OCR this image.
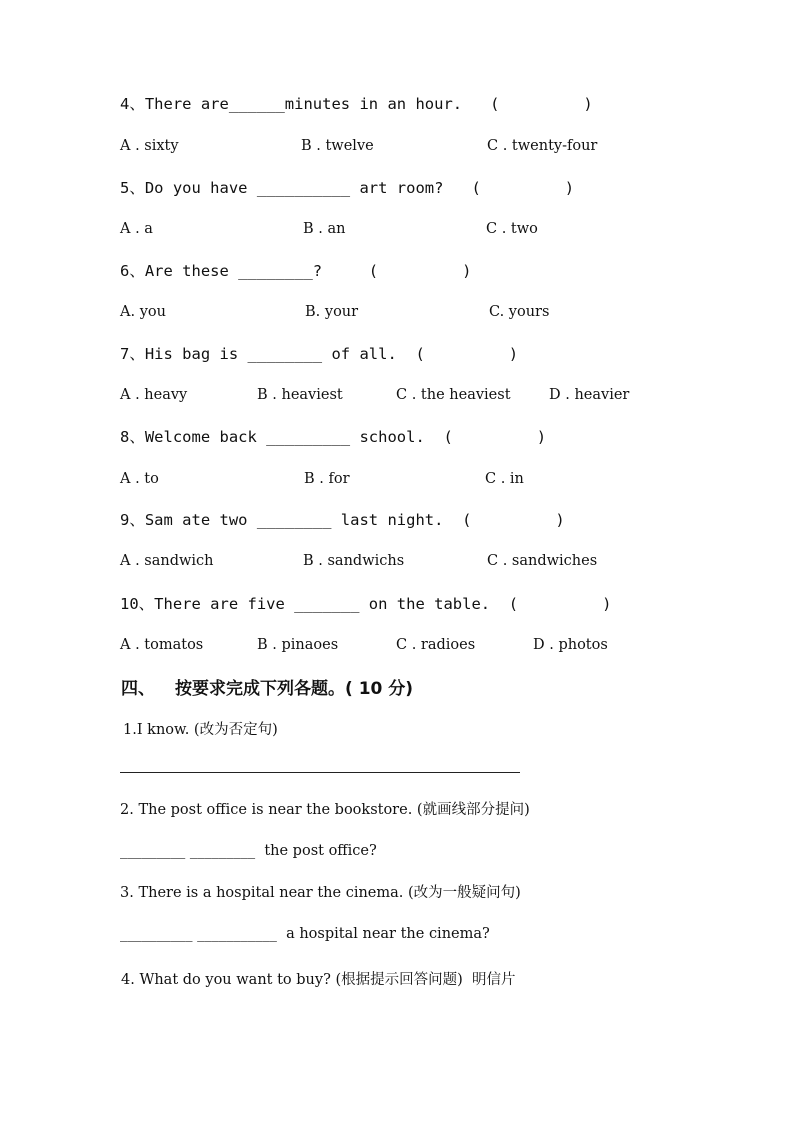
4、There are______minutes in an hour.   (         )
A . sixty	B . twelve	C . twenty-four
5、Do you have __________ art room?   (         )
A . a	B . an	C . two
6、Are these ________?     (         )
A. you	B. your	C. yours
7、His bag is ________ of all.  (         )
A . heavy	B . heaviest	C . the heaviest	D . heavier
8、Welcome back _________ school.  (         )
A . to	B . for	C . in
9、Sam ate two ________ last night.  (         )
A . sandwich	B . sandwichs	C . sandwiches
10、There are five _______ on the table.  (         )
A . tomatos	B . pinaoes	C . radioes	D . photos
四、 按要求完成下列各题。( 10 分)
1.I know. (改为否定句)
2. The post office is near the bookstore. (就画线部分提问)
_________ _________  the post office?
3. There is a hospital near the cinema. (改为一般疑问句)
__________ ___________  a hospital near the cinema?
4. What do you want to buy? (根据提示回答问题)  明信片
